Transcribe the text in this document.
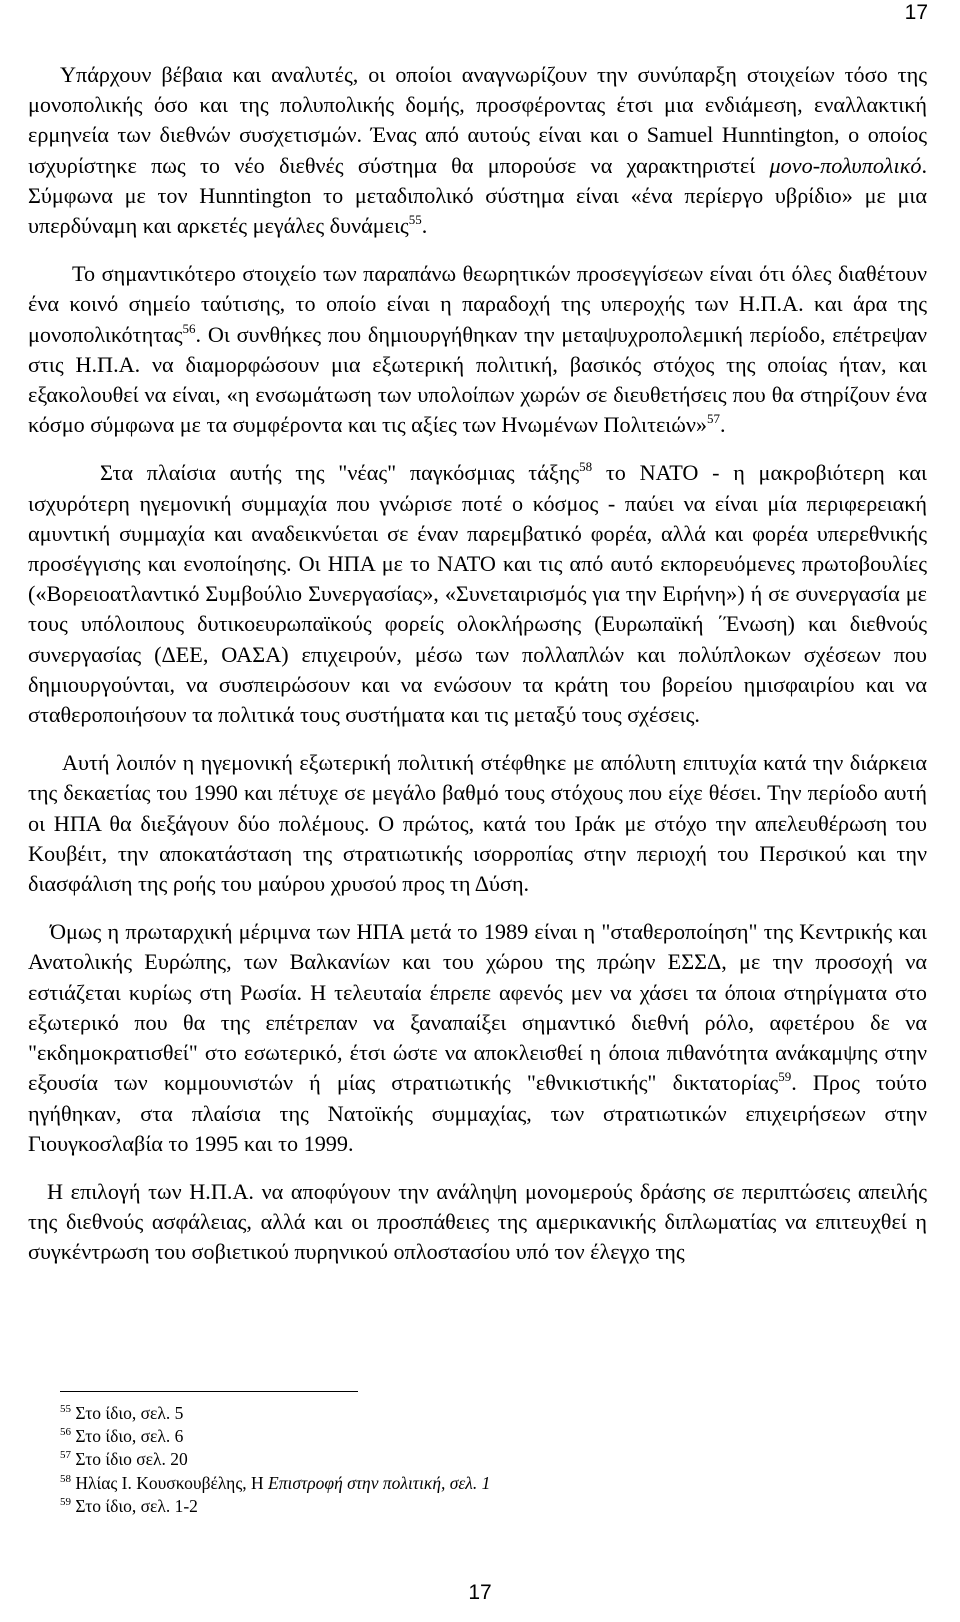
17

Υπάρχουν βέβαια και αναλυτές, οι οποίοι αναγνωρίζουν την συνύπαρξη στοιχείων τόσο της μονοπολικής όσο και της πολυπολικής δομής, προσφέροντας έτσι μια ενδιάμεση, εναλλακτική ερμηνεία των διεθνών συσχετισμών. Ένας από αυτούς είναι και ο Samuel Hunntington, ο οποίος ισχυρίστηκε πως το νέο διεθνές σύστημα θα μπορούσε να χαρακτηριστεί μονο-πολυπολικό. Σύμφωνα με τον Hunntington το μεταδιπολικό σύστημα είναι «ένα περίεργο υβρίδιο» με μια υπερδύναμη και αρκετές μεγάλες δυνάμεις$^{55}$.

Το σημαντικότερο στοιχείο των παραπάνω θεωρητικών προσεγγίσεων είναι ότι όλες διαθέτουν ένα κοινό σημείο ταύτισης, το οποίο είναι η παραδοχή της υπεροχής των Η.Π.Α. και άρα της μονοπολικότητας$^{56}$. Οι συνθήκες που δημιουργήθηκαν την μεταψυχροπολεμική περίοδο, επέτρεψαν στις Η.Π.Α. να διαμορφώσουν μια εξωτερική πολιτική, βασικός στόχος της οποίας ήταν, και εξακολουθεί να είναι, «η ενσωμάτωση των υπολοίπων χωρών σε διευθετήσεις που θα στηρίζουν ένα κόσμο σύμφωνα με τα συμφέροντα και τις αξίες των Ηνωμένων Πολιτειών»$^{57}$.

Στα πλαίσια αυτής της "νέας" παγκόσμιας τάξης$^{58}$ το ΝΑΤΟ - η μακροβιότερη και ισχυρότερη ηγεμονική συμμαχία που γνώρισε ποτέ ο κόσμος - παύει να είναι μία περιφερειακή αμυντική συμμαχία και αναδεικνύεται σε έναν παρεμβατικό φορέα, αλλά και φορέα υπερεθνικής προσέγγισης και ενοποίησης. Οι ΗΠΑ με το ΝΑΤΟ και τις από αυτό εκπορευόμενες πρωτοβουλίες («Βορειοατλαντικό Συμβούλιο Συνεργασίας», «Συνεταιρισμός για την Ειρήνη») ή σε συνεργασία με τους υπόλοιπους δυτικοευρωπαϊκούς φορείς ολοκλήρωσης (Ευρωπαϊκή ΄Ένωση) και διεθνούς συνεργασίας (ΔΕΕ, ΟΑΣΑ) επιχειρούν, μέσω των πολλαπλών και πολύπλοκων σχέσεων που δημιουργούνται, να συσπειρώσουν και να ενώσουν τα κράτη του βορείου ημισφαιρίου και να σταθεροποιήσουν τα πολιτικά τους συστήματα και τις μεταξύ τους σχέσεις.

Αυτή λοιπόν η ηγεμονική εξωτερική πολιτική στέφθηκε με απόλυτη επιτυχία κατά την διάρκεια της δεκαετίας του 1990 και πέτυχε σε μεγάλο βαθμό τους στόχους που είχε θέσει. Την περίοδο αυτή οι ΗΠΑ θα διεξάγουν δύο πολέμους. Ο πρώτος, κατά του Ιράκ με στόχο την απελευθέρωση του Κουβέιτ, την αποκατάσταση της στρατιωτικής ισορροπίας στην περιοχή του Περσικού και την διασφάλιση της ροής του μαύρου χρυσού προς τη Δύση.

Όμως η πρωταρχική μέριμνα των ΗΠΑ μετά το 1989 είναι η "σταθεροποίηση" της Κεντρικής και Ανατολικής Ευρώπης, των Βαλκανίων και του χώρου της πρώην ΕΣΣΔ, με την προσοχή να εστιάζεται κυρίως στη Ρωσία. Η τελευταία έπρεπε αφενός μεν να χάσει τα όποια στηρίγματα στο εξωτερικό που θα της επέτρεπαν να ξαναπαίξει σημαντικό διεθνή ρόλο, αφετέρου δε να "εκδημοκρατισθεί" στο εσωτερικό, έτσι ώστε να αποκλεισθεί η όποια πιθανότητα ανάκαμψης στην εξουσία των κομμουνιστών ή μίας στρατιωτικής "εθνικιστικής" δικτατορίας$^{59}$. Προς τούτο ηγήθηκαν, στα πλαίσια της Νατοϊκής συμμαχίας, των στρατιωτικών επιχειρήσεων στην Γιουγκοσλαβία το 1995 και το 1999.

Η επιλογή των Η.Π.Α. να αποφύγουν την ανάληψη μονομερούς δράσης σε περιπτώσεις απειλής της διεθνούς ασφάλειας, αλλά και οι προσπάθειες της αμερικανικής διπλωματίας να επιτευχθεί η συγκέντρωση του σοβιετικού πυρηνικού οπλοστασίου υπό τον έλεγχο της

$^{55}$ Στο ίδιο, σελ. 5
$^{56}$ Στο ίδιο, σελ. 6
$^{57}$ Στο ίδιο σελ. 20
$^{58}$ Ηλίας Ι. Κουσκουβέλης, Η Επιστροφή στην πολιτική, σελ. 1
$^{59}$ Στο ίδιο, σελ. 1-2
17
